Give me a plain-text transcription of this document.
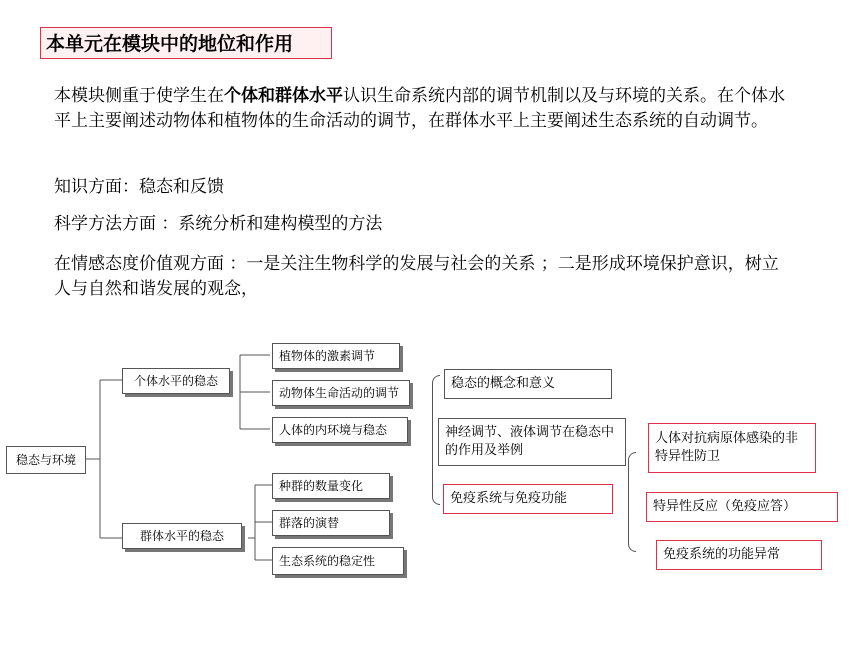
本单元在模块中的地位和作用
本模块侧重于使学生在个体和群体水平认识生命系统内部的调节机制以及与环境的关系。在个体水平上主要阐述动物体和植物体的生命活动的调节，在群体水平上主要阐述生态系统的自动调节。
知识方面：稳态和反馈
科学方法方面 ：系统分析和建构模型的方法
在情感态度价值观方面 ：一是关注生物科学的发展与社会的关系 ；二是形成环境保护意识，树立人与自然和谐发展的观念，
稳态与环境
个体水平的稳态
植物体的激素调节
动物体生命活动的调节
人体的内环境与稳态
群体水平的稳态
种群的数量变化
群落的演替
生态系统的稳定性
稳态的概念和意义
神经调节、液体调节在稳态中的作用及举例
免疫系统与免疫功能
人体对抗病原体感染的非特异性防卫
特异性反应（免疫应答）
免疫系统的功能异常
